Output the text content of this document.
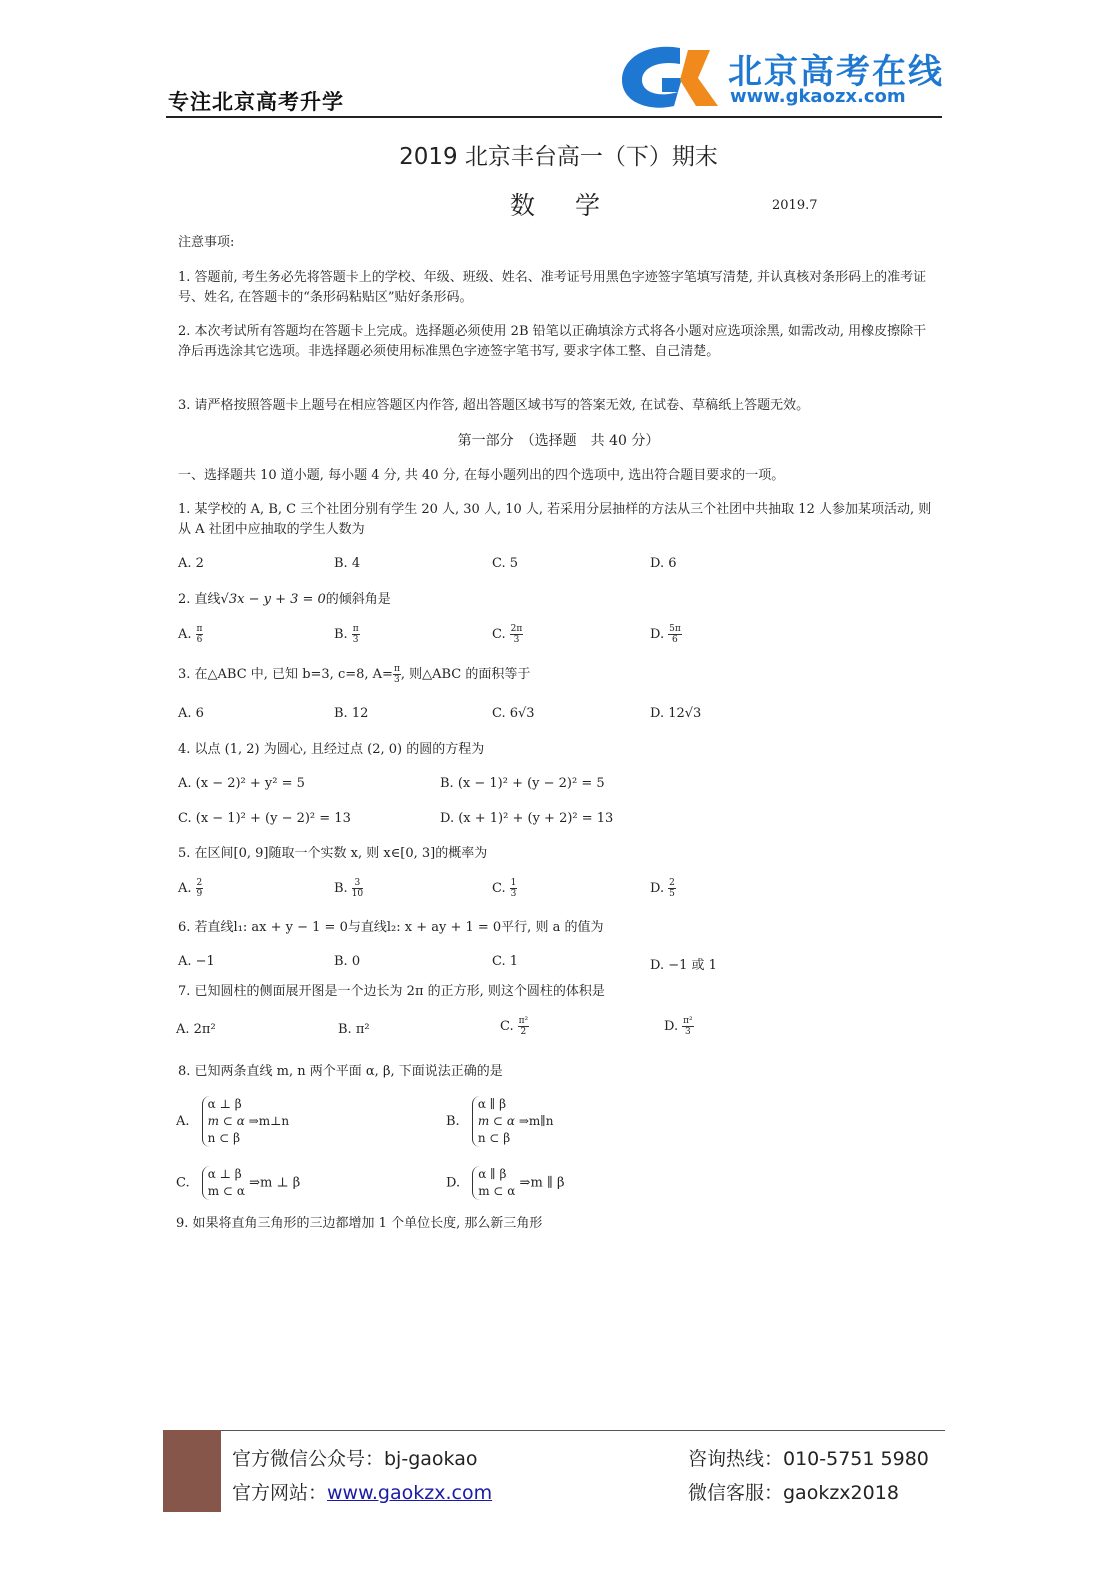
专注北京高考升学
北京高考在线
www.gkaozx.com
2019 北京丰台高一（下）期末
数学	2019.7
注意事项:
1. 答题前, 考生务必先将答题卡上的学校、年级、班级、姓名、准考证号用黑色字迹签字笔填写清楚, 并认真核对条形码上的准考证号、姓名, 在答题卡的“条形码粘贴区”贴好条形码。
2. 本次考试所有答题均在答题卡上完成。选择题必须使用 2B 铅笔以正确填涂方式将各小题对应选项涂黑, 如需改动, 用橡皮擦除干净后再选涂其它选项。非选择题必须使用标准黑色字迹签字笔书写, 要求字体工整、自己清楚。
3. 请严格按照答题卡上题号在相应答题区内作答, 超出答题区域书写的答案无效, 在试卷、草稿纸上答题无效。
第一部分　（选择题　共 40 分）
一、选择题共 10 道小题, 每小题 4 分, 共 40 分, 在每小题列出的四个选项中, 选出符合题目要求的一项。
1. 某学校的 A, B, C 三个社团分别有学生 20 人, 30 人, 10 人, 若采用分层抽样的方法从三个社团中共抽取 12 人参加某项活动, 则从 A 社团中应抽取的学生人数为
A. 2	B. 4	C. 5	D. 6
2. 直线√3x − y + 3 = 0的倾斜角是
A. $\frac{\pi}{6}$	B. $\frac{\pi}{3}$	C. $\frac{2\pi}{3}$	D. $\frac{5\pi}{6}$
3. 在△ABC 中, 已知 b=3, c=8, $A= \frac{\pi}{3}$ , 则△ABC 的面积等于
A. 6	B. 12	C. 6√3	D. 12√3
4. 以点 (1, 2) 为圆心, 且经过点 (2, 0) 的圆的方程为
A. (x − 2)² + y² = 5	B. (x − 1)² + (y − 2)² = 5
C. (x − 1)² + (y − 2)² = 13	D. (x + 1)² + (y + 2)² = 13
5. 在区间[0, 9]随取一个实数 x, 则 x∈[0, 3]的概率为
A. $\frac{2}{9}$	B. $\frac{3}{10}$	C. $\frac{1}{3}$	D. $\frac{2}{5}$
6. 若直线l₁: ax + y − 1 = 0与直线l₂: x + ay + 1 = 0平行, 则 a 的值为
A. −1	B. 0	C. 1	D. −1 或 1
7. 已知圆柱的侧面展开图是一个边长为 2π 的正方形, 则这个圆柱的体积是
A. 2π²	B. π²	C. $\frac{\text{π²}}{2}$	D. $\frac{\text{π²}}{3}$
8. 已知两条直线 m, n 两个平面 α, β, 下面说法正确的是
A.
α ⊥ β
m ⊂ α ⇒m⊥n
n ⊂ β
B.
α ∥ β
m ⊂ α ⇒m∥n
n ⊂ β
C.
α ⊥ β
m ⊂ α
⇒m ⊥ β	D.
α ∥ β
m ⊂ α
⇒m ∥ β
9. 如果将直角三角形的三边都增加 1 个单位长度, 那么新三角形
官方微信公众号：bj-gaokao
官方网站：www.gaokzx.com
咨询热线：010-5751 5980
微信客服：gaokzx2018
